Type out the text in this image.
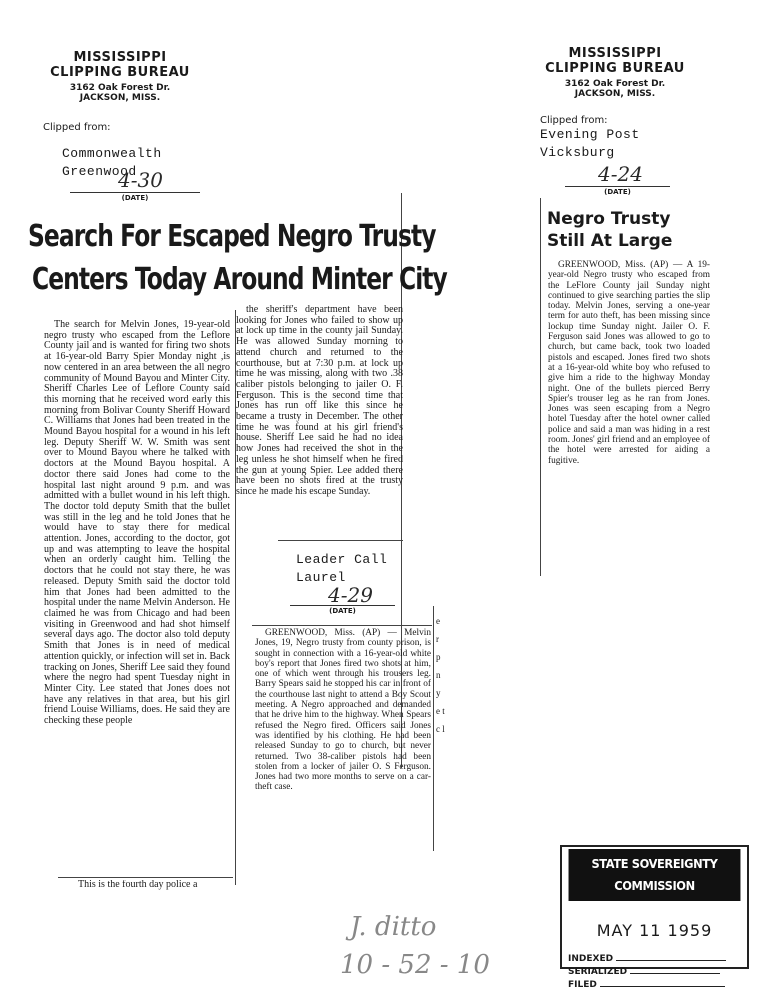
MISSISSIPPI
CLIPPING BUREAU
3162 Oak Forest Dr.
JACKSON, MISS.
Clipped from:
Commonwealth
Greenwood
4-30
(DATE)
Search For Escaped Negro Trusty
Centers Today Around Minter City

The search for Melvin Jones, 19-year-old negro trusty who escaped from the Leflore County jail and is wanted for firing two shots at 16-year-old Barry Spier Monday night ,is now centered in an area between the all negro community of Mound Bayou and Minter City. Sheriff Charles Lee of Leflore County said this morning that he received word early this morning from Bolivar County Sheriff Howard C. Williams that Jones had been treated in the Mound Bayou hospital for a wound in his left leg. Deputy Sheriff W. W. Smith was sent over to Mound Bayou where he talked with doctors at the Mound Bayou hospital. A doctor there said Jones had come to the hospital last night around 9 p.m. and was admitted with a bullet wound in his left thigh. The doctor told deputy Smith that the bullet was still in the leg and he told Jones that he would have to stay there for medical attention. Jones, according to the doctor, got up and was attempting to leave the hospital when an orderly caught him. Telling the doctors that he could not stay there, he was released. Deputy Smith said the doctor told him that Jones had been admitted to the hospital under the name Melvin Anderson. He claimed he was from Chicago and had been visiting in Greenwood and had shot himself several days ago. The doctor also told deputy Smith that Jones is in need of medical attention quickly, or infection will set in. Back tracking on Jones, Sheriff Lee said they found where the negro had spent Tuesday night in Minter City. Lee stated that Jones does not have any relatives in that area, but his girl friend Louise Williams, does. He said they are checking these people

This is the fourth day police a

the sheriff's department have been looking for Jones who failed to show up at lock up time in the county jail Sunday. He was allowed Sunday morning to attend church and returned to the courthouse, but at 7:30 p.m. at lock up time he was missing, along with two .38 caliber pistols belonging to jailer O. F. Ferguson. This is the second time that Jones has run off like this since he became a trusty in December. The other time he was found at his girl friend's house. Sheriff Lee said he had no idea how Jones had received the shot in the leg unless he shot himself when he fired the gun at young Spier. Lee added there have been no shots fired at the trusty since he made his escape Sunday.

Leader Call
Laurel
4-29
(DATE)

GREENWOOD, Miss. (AP) — Melvin Jones, 19, Negro trusty from county prison, is sought in connection with a 16-year-old white boy's report that Jones fired two shots at him, one of which went through his trousers leg. Barry Spears said he stopped his car in front of the courthouse last night to attend a Boy Scout meeting. A Negro approached and demanded that he drive him to the highway. When Spears refused the Negro fired. Officers said Jones was identified by his clothing. He had been released Sunday to go to church, but never returned. Two 38-caliber pistols had been stolen from a locker of jailer O. S Ferguson. Jones had two more months to serve on a car-theft case.

e r p n y e t c l
MISSISSIPPI
CLIPPING BUREAU
3162 Oak Forest Dr.
JACKSON, MISS.
Clipped from:
Evening Post
Vicksburg
4-24
(DATE)
Negro Trusty Still At Large

GREENWOOD, Miss. (AP) — A 19-year-old Negro trusty who escaped from the LeFlore County jail Sunday night continued to give searching parties the slip today. Melvin Jones, serving a one-year term for auto theft, has been missing since lockup time Sunday night. Jailer O. F. Ferguson said Jones was allowed to go to church, but came back, took two loaded pistols and escaped. Jones fired two shots at a 16-year-old white boy who refused to give him a ride to the highway Monday night. One of the bullets pierced Berry Spier's trouser leg as he ran from Jones. Jones was seen escaping from a Negro hotel Tuesday after the hotel owner called police and said a man was hiding in a rest room. Jones' girl friend and an employee of the hotel were arrested for aiding a fugitive.

STATE SOVEREIGNTY COMMISSION
MAY 11 1959
INDEXED
SERIALIZED
FILED
J. ditto
10 - 52 - 10
